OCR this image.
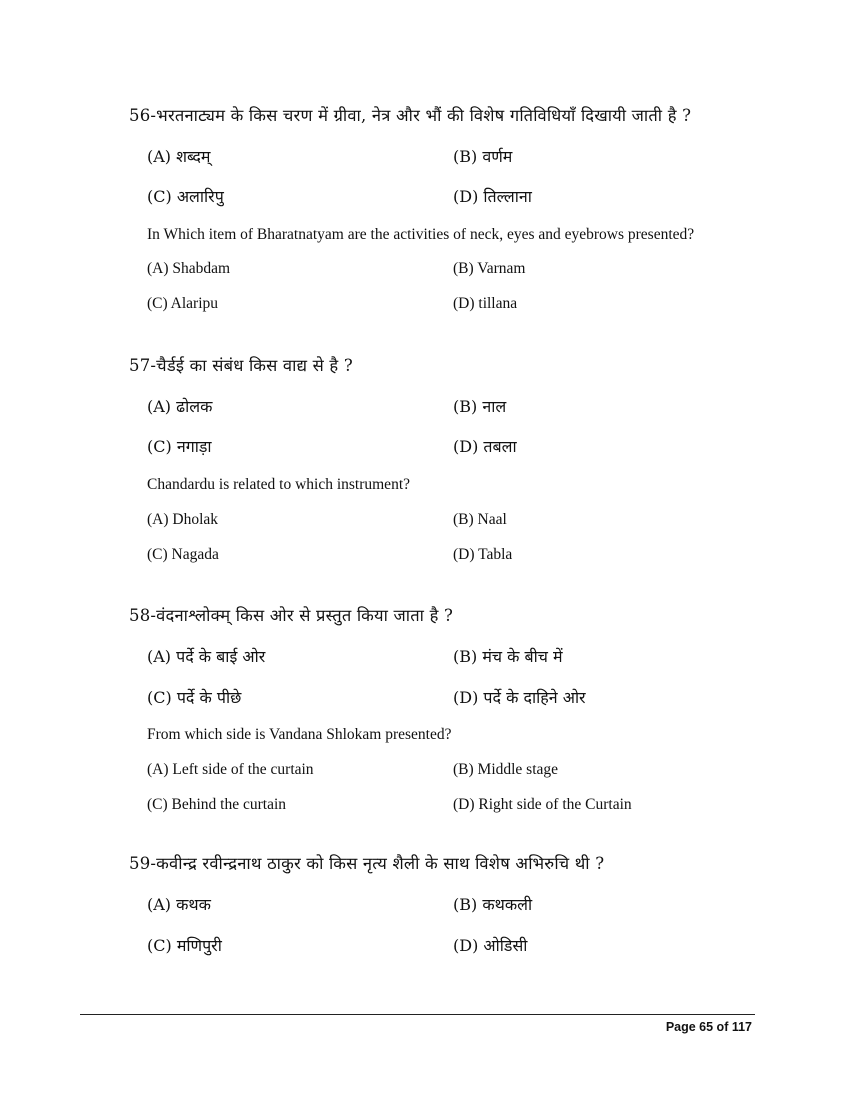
56-भरतनाट्यम के किस चरण में ग्रीवा, नेत्र और भौं की विशेष गतिविधियाँ दिखायी जाती है ?
(A) शब्दम्	(B) वर्णम
(C) अलारिपु	(D) तिल्लाना
In Which item of Bharatnatyam are the activities of neck, eyes and eyebrows presented?
(A) Shabdam	(B) Varnam
(C) Alaripu	(D) tillana
57-चैर्डई का संबंध किस वाद्य से है ?
(A) ढोलक	(B) नाल
(C) नगाड़ा	(D) तबला
Chandardu is related to which instrument?
(A) Dholak	(B) Naal
(C) Nagada	(D) Tabla
58-वंदनाश्लोक्म् किस ओर से प्रस्तुत किया जाता है ?
(A) पर्दे के बाई ओर	(B) मंच के बीच में
(C) पर्दे के पीछे	(D) पर्दे के दाहिने ओर
From which side is Vandana Shlokam presented?
(A) Left side of the curtain	(B) Middle stage
(C) Behind the curtain	(D) Right side of the Curtain
59-कवीन्द्र रवीन्द्रनाथ ठाकुर को किस नृत्य शैली के साथ विशेष अभिरुचि थी ?
(A) कथक	(B) कथकली
(C) मणिपुरी	(D) ओडिसी
Page 65 of 117
